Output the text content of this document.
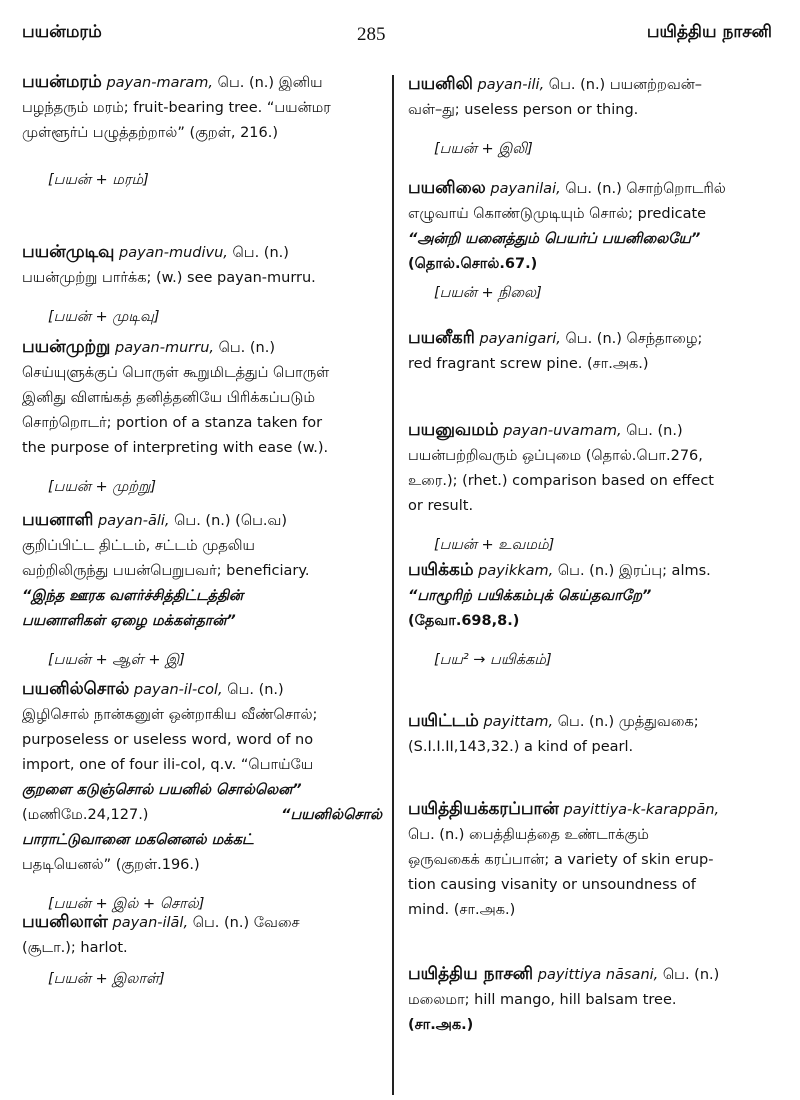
பயன்மரம்	285	பயித்திய நாசனி
பயன்மரம் payan-maram, பெ. (n.) இனிய
பழந்தரும் மரம்; fruit-bearing tree. “பயன்மர
முள்ளூர்ப் பழுத்தற்றால்” (குறள், 216.)
[பயன் + மரம்]
பயன்முடிவு payan-mudivu, பெ. (n.)
பயன்முற்று பார்க்க; (w.) see payan-murru.
[பயன் + முடிவு]
பயன்முற்று payan-murru, பெ. (n.)
செய்யுளுக்குப் பொருள் கூறுமிடத்துப் பொருள்
இனிது விளங்கத் தனித்தனியே பிரிக்கப்படும்
சொற்றொடர்; portion of a stanza taken for
the purpose of interpreting with ease (w.).
[பயன் + முற்று]
பயனாளி payan-āli, பெ. (n.) (பெ.வ)
குறிப்பிட்ட திட்டம், சட்டம் முதலிய
வற்றிலிருந்து பயன்பெறுபவர்; beneficiary.
“இந்த ஊரக வளர்ச்சித்திட்டத்தின்
பயனாளிகள் ஏழை மக்கள்தான்”
[பயன் + ஆள் + இ]
பயனில்சொல் payan-il-col, பெ. (n.)
இழிசொல் நான்கனுள் ஒன்றாகிய வீண்சொல்;
purposeless or useless word, word of no
import, one of four ili-col, q.v. “பொய்யே
குறளை கடுஞ்சொல் பயனில் சொல்லென”
(மணிமே.24,127.)	“பயனில்சொல்
பாராட்டுவானை மகனெனல் மக்கட்
பதடியெனல்” (குறள்.196.)
[பயன் + இல் + சொல்]
பயனிலாள் payan-ilāl, பெ. (n.) வேசை
(சூடா.); harlot.
[பயன் + இலாள்]
பயனிலி payan-ili, பெ. (n.) பயனற்றவன்–
வள்–து; useless person or thing.
[பயன் + இலி]
பயனிலை payanilai, பெ. (n.) சொற்றொடரில்
எழுவாய் கொண்டுமுடியும் சொல்; predicate
“அன்றி யனைத்தும் பெயர்ப் பயனிலையே”
(தொல்.சொல்.67.)
[பயன் + நிலை]
பயனீகரி payanigari, பெ. (n.) செந்தாழை;
red fragrant screw pine. (சா.அக.)
பயனுவமம் payan-uvamam, பெ. (n.)
பயன்பற்றிவரும் ஒப்புமை (தொல்.பொ.276,
உரை.); (rhet.) comparison based on effect
or result.
[பயன் + உவமம்]
பயிக்கம் payikkam, பெ. (n.) இரப்பு; alms.
“பாழூரிற் பயிக்கம்புக் கெய்தவாறே”
(தேவா.698,8.)
[பய² → பயிக்கம்]
பயிட்டம் payittam, பெ. (n.) முத்துவகை;
(S.I.I.II,143,32.) a kind of pearl.
பயித்தியக்கரப்பான் payittiya-k-karappān,
பெ. (n.) பைத்தியத்தை உண்டாக்கும்
ஒருவகைக் கரப்பான்; a variety of skin erup-
tion causing visanity or unsoundness of
mind. (சா.அக.)
பயித்திய நாசனி payittiya nāsani, பெ. (n.)
மலைமா; hill mango, hill balsam tree.
(சா.அக.)
